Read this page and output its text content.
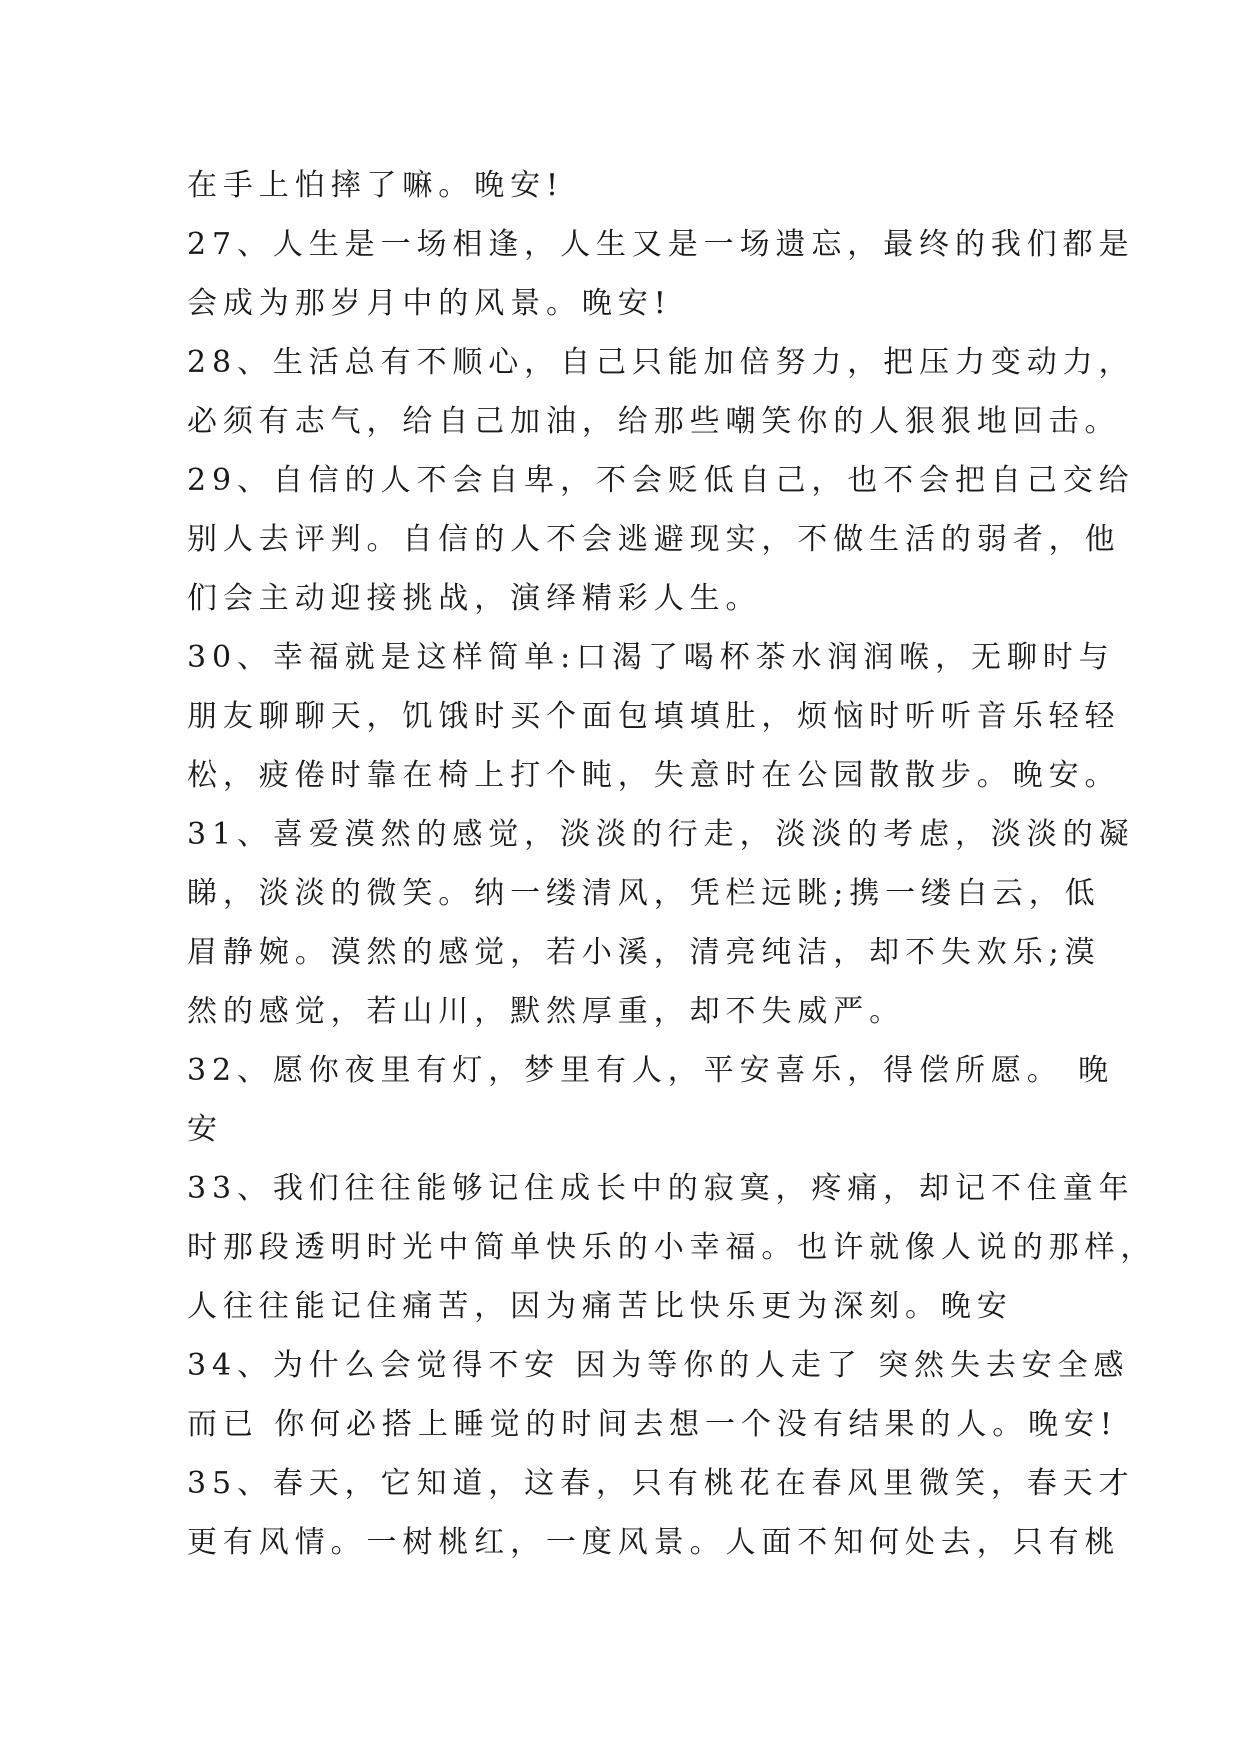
在手上怕摔了嘛。晚安!
27、人生是一场相逢，人生又是一场遗忘，最终的我们都是
会成为那岁月中的风景。晚安!
28、生活总有不顺心，自己只能加倍努力，把压力变动力，
必须有志气，给自己加油，给那些嘲笑你的人狠狠地回击。
29、自信的人不会自卑，不会贬低自己，也不会把自己交给
别人去评判。自信的人不会逃避现实，不做生活的弱者，他
们会主动迎接挑战，演绎精彩人生。
30、幸福就是这样简单:口渴了喝杯茶水润润喉，无聊时与
朋友聊聊天，饥饿时买个面包填填肚，烦恼时听听音乐轻轻
松，疲倦时靠在椅上打个盹，失意时在公园散散步。晚安。
31、喜爱漠然的感觉，淡淡的行走，淡淡的考虑，淡淡的凝
睇，淡淡的微笑。纳一缕清风，凭栏远眺;携一缕白云，低
眉静婉。漠然的感觉，若小溪，清亮纯洁，却不失欢乐;漠
然的感觉，若山川，默然厚重，却不失威严。
32、愿你夜里有灯，梦里有人，平安喜乐，得偿所愿。 晚
安
33、我们往往能够记住成长中的寂寞，疼痛，却记不住童年
时那段透明时光中简单快乐的小幸福。也许就像人说的那样，
人往往能记住痛苦，因为痛苦比快乐更为深刻。晚安
34、为什么会觉得不安 因为等你的人走了 突然失去安全感
而已 你何必搭上睡觉的时间去想一个没有结果的人。晚安!
35、春天，它知道，这春，只有桃花在春风里微笑，春天才
更有风情。一树桃红，一度风景。人面不知何处去，只有桃
